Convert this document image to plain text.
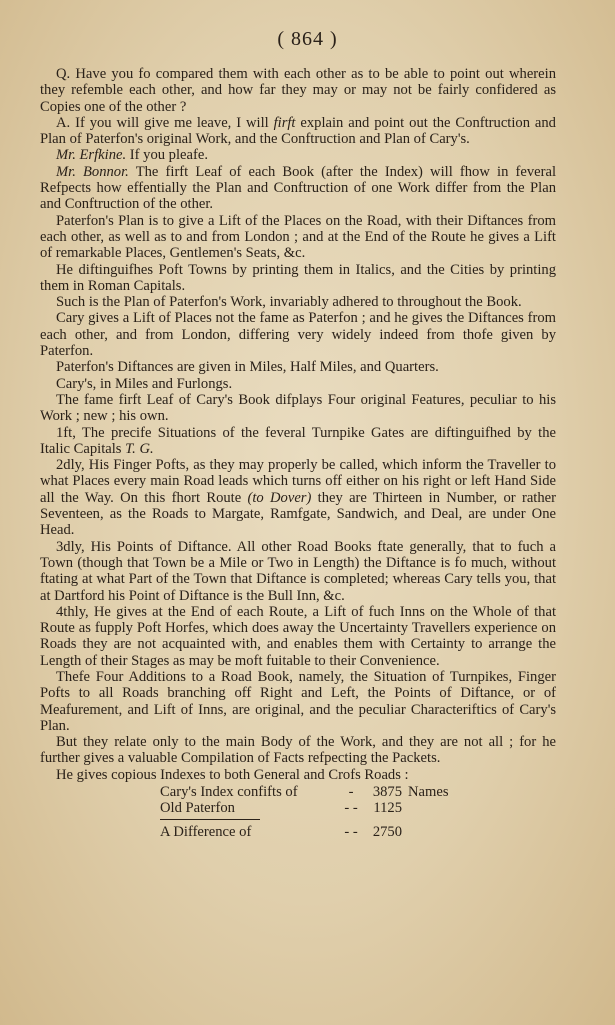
( 864 )

Q. Have you fo compared them with each other as to be able to point out wherein they refemble each other, and how far they may or may not be fairly confidered as Copies one of the other ?

A. If you will give me leave, I will firft explain and point out the Conftruction and Plan of Paterfon's original Work, and the Conftruction and Plan of Cary's.

Mr. Erfkine. If you pleafe.

Mr. Bonnor. The firft Leaf of each Book (after the Index) will fhow in feveral Refpects how effentially the Plan and Conftruction of one Work differ from the Plan and Conftruction of the other.

Paterfon's Plan is to give a Lift of the Places on the Road, with their Diftances from each other, as well as to and from London ; and at the End of the Route he gives a Lift of remarkable Places, Gentlemen's Seats, &c.

He diftinguifhes Poft Towns by printing them in Italics, and the Cities by printing them in Roman Capitals.

Such is the Plan of Paterfon's Work, invariably adhered to throughout the Book.

Cary gives a Lift of Places not the fame as Paterfon ; and he gives the Diftances from each other, and from London, differing very widely indeed from thofe given by Paterfon.

Paterfon's Diftances are given in Miles, Half Miles, and Quarters.

Cary's, in Miles and Furlongs.

The fame firft Leaf of Cary's Book difplays Four original Features, peculiar to his Work ; new ; his own.

1ft, The precife Situations of the feveral Turnpike Gates are diftinguifhed by the Italic Capitals T. G.

2dly, His Finger Pofts, as they may properly be called, which inform the Traveller to what Places every main Road leads which turns off either on his right or left Hand Side all the Way. On this fhort Route (to Dover) they are Thirteen in Number, or rather Seventeen, as the Roads to Margate, Ramfgate, Sandwich, and Deal, are under One Head.

3dly, His Points of Diftance. All other Road Books ftate generally, that to fuch a Town (though that Town be a Mile or Two in Length) the Diftance is fo much, without ftating at what Part of the Town that Diftance is completed; whereas Cary tells you, that at Dartford his Point of Diftance is the Bull Inn, &c.

4thly, He gives at the End of each Route, a Lift of fuch Inns on the Whole of that Route as fupply Poft Horfes, which does away the Uncertainty Travellers experience on Roads they are not acquainted with, and enables them with Certainty to arrange the Length of their Stages as may be moft fuitable to their Convenience.

Thefe Four Additions to a Road Book, namely, the Situation of Turnpikes, Finger Pofts to all Roads branching off Right and Left, the Points of Diftance, or of Meafurement, and Lift of Inns, are original, and the peculiar Characteriftics of Cary's Plan.

But they relate only to the main Body of the Work, and they are not all ; for he further gives a valuable Compilation of Facts refpecting the Packets.

He gives copious Indexes to both General and Crofs Roads :

Cary's Index confifts of	-	3875 Names
Old Paterfon	- -	1125
A Difference of	- -	2750
